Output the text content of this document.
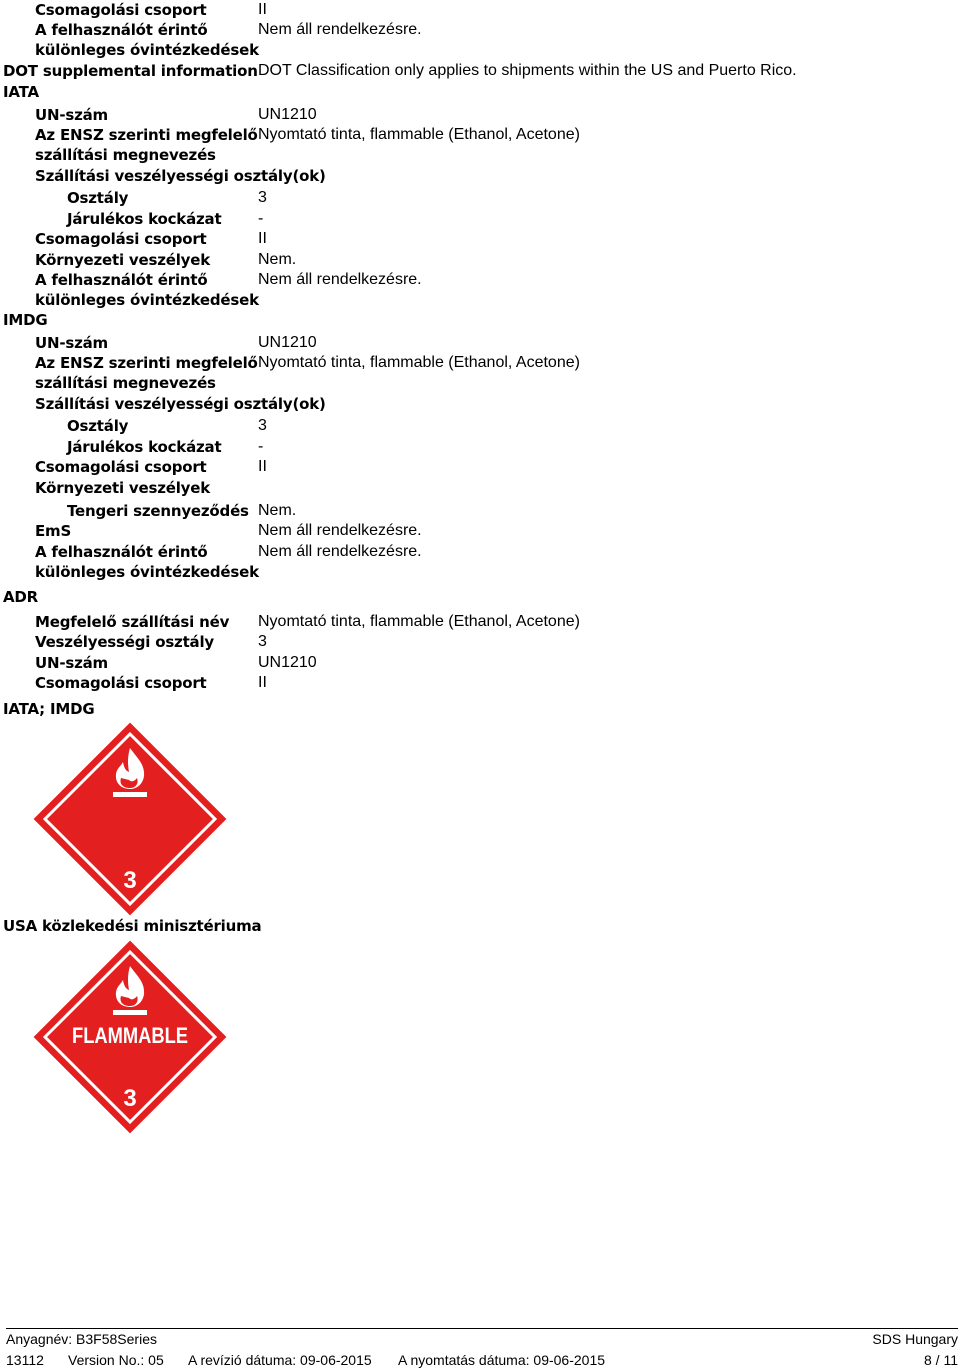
Csomagolási csoport	II
A felhasználót érintő	Nem áll rendelkezésre.
különleges óvintézkedések
DOT supplemental information DOT Classification only applies to shipments within the US and Puerto Rico.
IATA
UN-szám	UN1210
Az ENSZ szerinti megfelelő Nyomtató tinta, flammable (Ethanol, Acetone)
szállítási megnevezés
Szállítási veszélyességi osztály(ok)
Osztály	3
Járulékos kockázat -
Csomagolási csoport	II
Környezeti veszélyek	Nem.
A felhasználót érintő	Nem áll rendelkezésre.
különleges óvintézkedések
IMDG
UN-szám	UN1210
Az ENSZ szerinti megfelelő Nyomtató tinta, flammable (Ethanol, Acetone)
szállítási megnevezés
Szállítási veszélyességi osztály(ok)
Osztály	3
Járulékos kockázat -
Csomagolási csoport	II
Környezeti veszélyek
Tengeri szennyeződés Nem.
EmS	Nem áll rendelkezésre.
A felhasználót érintő	Nem áll rendelkezésre.
különleges óvintézkedések
ADR
Megfelelő szállítási név Nyomtató tinta, flammable (Ethanol, Acetone)
Veszélyességi osztály	3
UN-szám	UN1210
Csomagolási csoport	II
IATA; IMDG
3
USA közlekedési minisztériuma
FLAMMABLE
3
Anyagnév: B3F58Series	SDS Hungary
13112 Version No.: 05 A revízió dátuma: 09-06-2015 A nyomtatás dátuma: 09-06-2015	8 / 11
